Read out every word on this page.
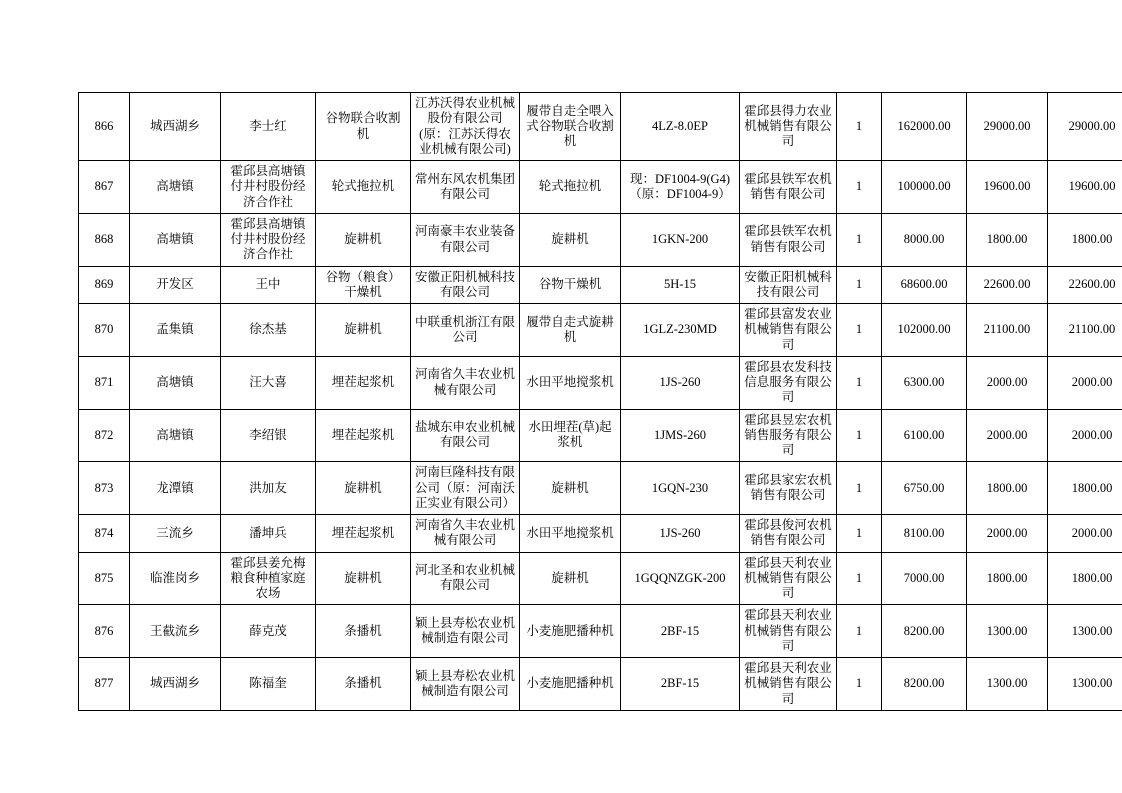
866	城西湖乡	李士红	谷物联合收割机	江苏沃得农业机械股份有限公司(原：江苏沃得农业机械有限公司)	履带自走全喂入式谷物联合收割机	4LZ-8.0EP	霍邱县得力农业机械销售有限公司	1	162000.00	29000.00	29000.00
867	高塘镇	霍邱县高塘镇付井村股份经济合作社	轮式拖拉机	常州东风农机集团有限公司	轮式拖拉机	现：DF1004-9(G4)（原：DF1004-9）	霍邱县铁军农机销售有限公司	1	100000.00	19600.00	19600.00
868	高塘镇	霍邱县高塘镇付井村股份经济合作社	旋耕机	河南豪丰农业装备有限公司	旋耕机	1GKN-200	霍邱县铁军农机销售有限公司	1	8000.00	1800.00	1800.00
869	开发区	王中	谷物（粮食）干燥机	安徽正阳机械科技有限公司	谷物干燥机	5H-15	安徽正阳机械科技有限公司	1	68600.00	22600.00	22600.00
870	孟集镇	徐杰基	旋耕机	中联重机浙江有限公司	履带自走式旋耕机	1GLZ-230MD	霍邱县富发农业机械销售有限公司	1	102000.00	21100.00	21100.00
871	高塘镇	汪大喜	埋茬起浆机	河南省久丰农业机械有限公司	水田平地搅浆机	1JS-260	霍邱县农发科技信息服务有限公司	1	6300.00	2000.00	2000.00
872	高塘镇	李绍银	埋茬起浆机	盐城东申农业机械有限公司	水田埋茬(草)起浆机	1JMS-260	霍邱县昱宏农机销售服务有限公司	1	6100.00	2000.00	2000.00
873	龙潭镇	洪加友	旋耕机	河南巨隆科技有限公司（原：河南沃正实业有限公司）	旋耕机	1GQN-230	霍邱县家宏农机销售有限公司	1	6750.00	1800.00	1800.00
874	三流乡	潘坤兵	埋茬起浆机	河南省久丰农业机械有限公司	水田平地搅浆机	1JS-260	霍邱县俊河农机销售有限公司	1	8100.00	2000.00	2000.00
875	临淮岗乡	霍邱县姜允梅粮食种植家庭农场	旋耕机	河北圣和农业机械有限公司	旋耕机	1GQQNZGK-200	霍邱县天利农业机械销售有限公司	1	7000.00	1800.00	1800.00
876	王截流乡	薛克茂	条播机	颖上县寿松农业机械制造有限公司	小麦施肥播种机	2BF-15	霍邱县天利农业机械销售有限公司	1	8200.00	1300.00	1300.00
877	城西湖乡	陈福奎	条播机	颖上县寿松农业机械制造有限公司	小麦施肥播种机	2BF-15	霍邱县天利农业机械销售有限公司	1	8200.00	1300.00	1300.00
